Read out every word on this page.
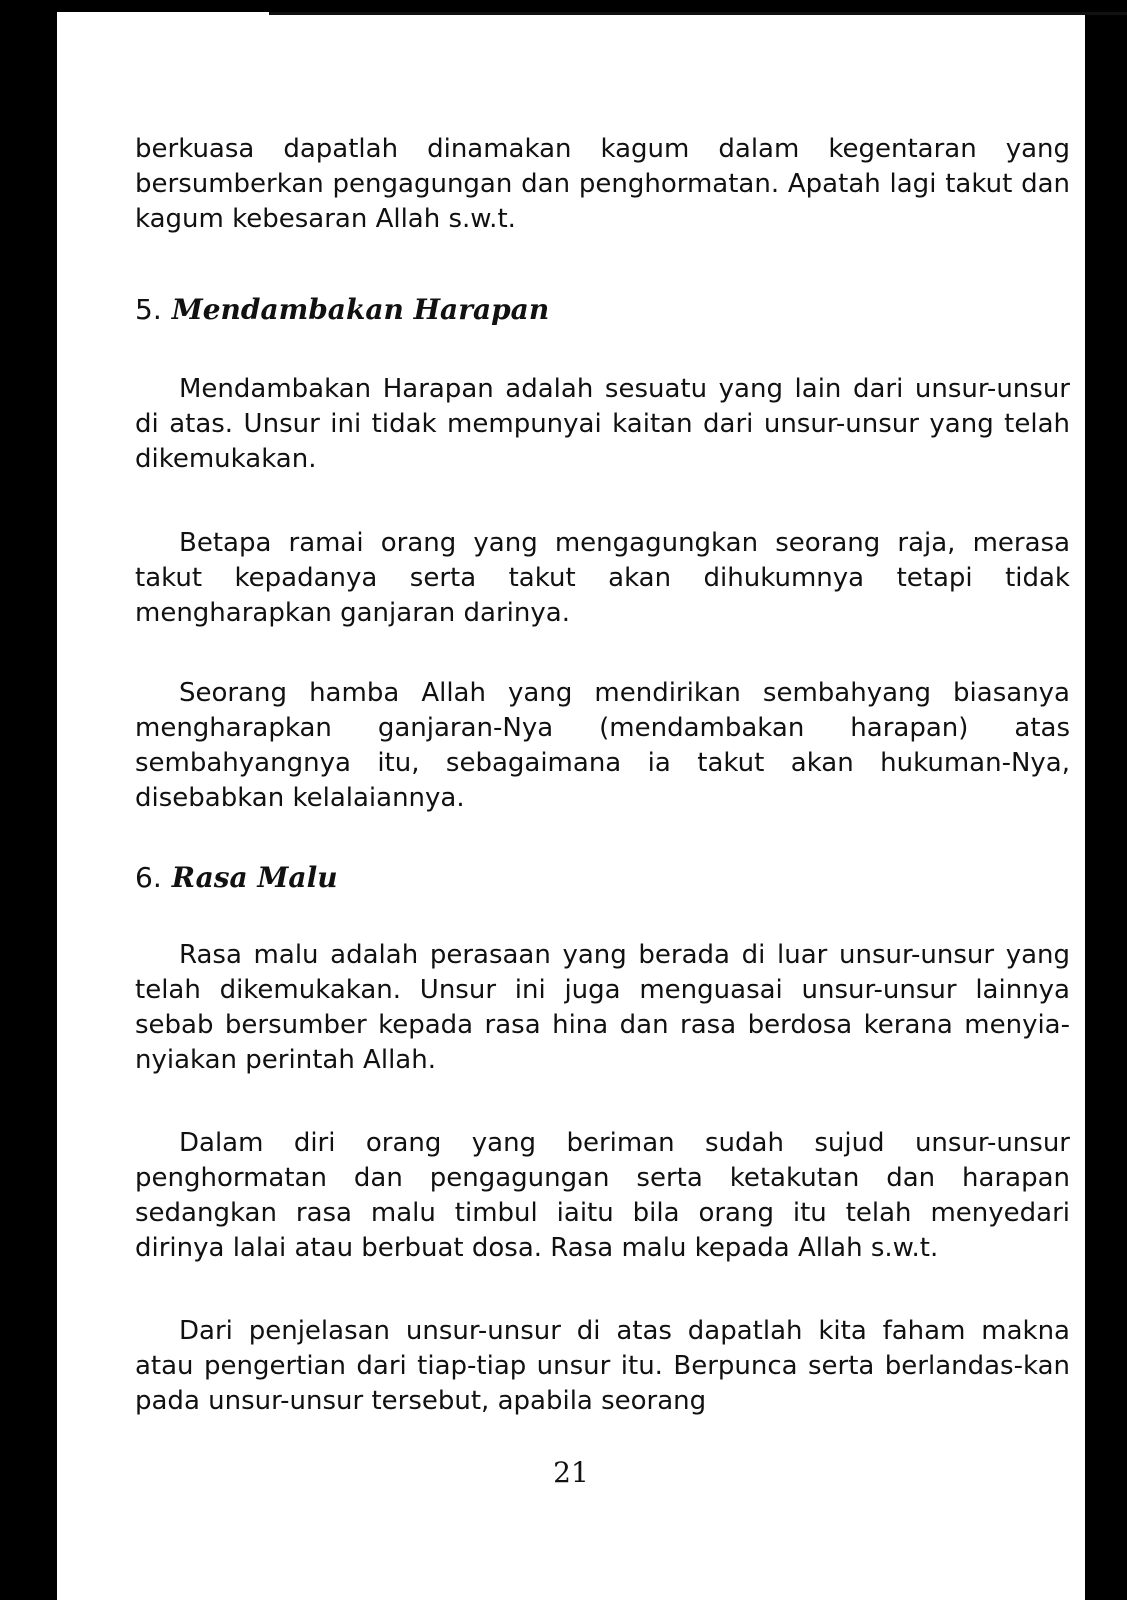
berkuasa dapatlah dinamakan kagum dalam kegentaran yang bersumberkan pengagungan dan penghormatan. Apatah lagi takut dan kagum kebesaran Allah s.w.t.

5. Mendambakan Harapan

Mendambakan Harapan adalah sesuatu yang lain dari unsur-unsur di atas. Unsur ini tidak mempunyai kaitan dari unsur-unsur yang telah dikemukakan.

Betapa ramai orang yang mengagungkan seorang raja, merasa takut kepadanya serta takut akan dihukumnya tetapi tidak mengharapkan ganjaran darinya.

Seorang hamba Allah yang mendirikan sembahyang biasanya mengharapkan ganjaran-Nya (mendambakan harapan) atas sembahyangnya itu, sebagaimana ia takut akan hukuman-Nya, disebabkan kelalaiannya.

6. Rasa Malu

Rasa malu adalah perasaan yang berada di luar unsur-unsur yang telah dikemukakan. Unsur ini juga menguasai unsur-unsur lainnya sebab bersumber kepada rasa hina dan rasa berdosa kerana menyia-nyiakan perintah Allah.

Dalam diri orang yang beriman sudah sujud unsur-unsur penghormatan dan pengagungan serta ketakutan dan harapan sedangkan rasa malu timbul iaitu bila orang itu telah menyedari dirinya lalai atau berbuat dosa. Rasa malu kepada Allah s.w.t.

Dari penjelasan unsur-unsur di atas dapatlah kita faham makna atau pengertian dari tiap-tiap unsur itu. Berpunca serta berlandas-kan pada unsur-unsur tersebut, apabila seorang

21
